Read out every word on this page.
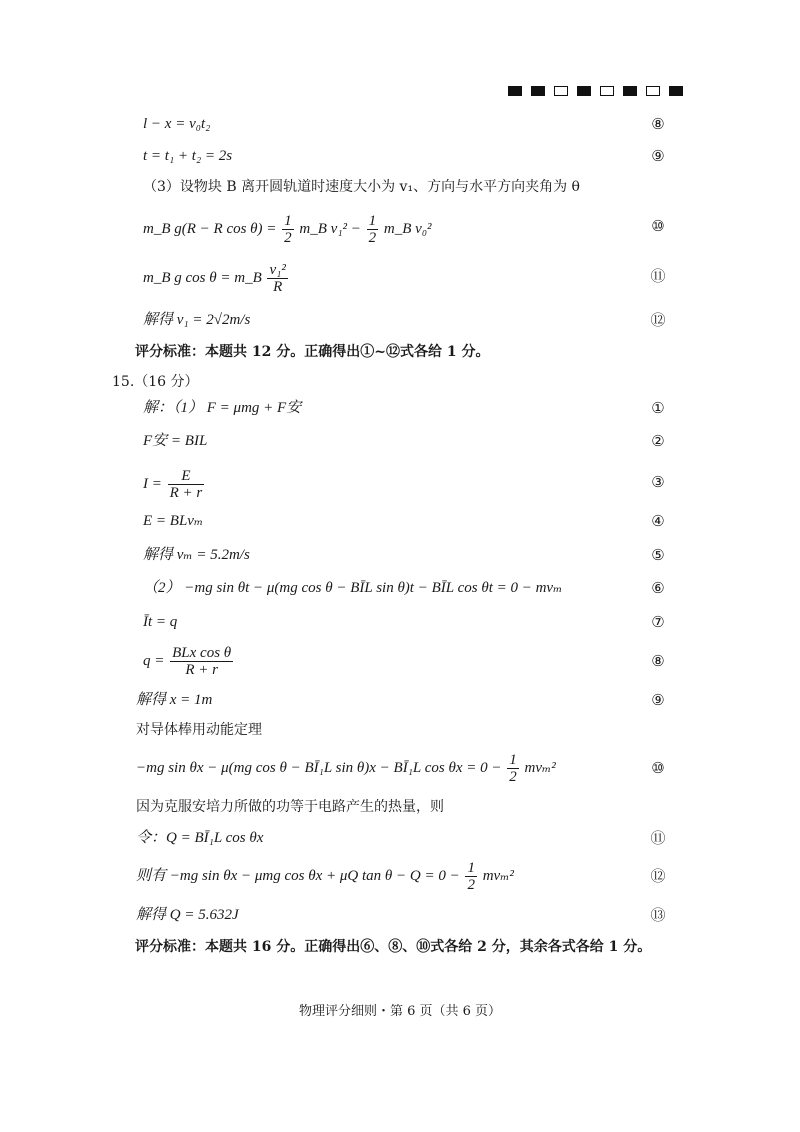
l − x = v₀t₂	⑧
t = t₁ + t₂ = 2s	⑨
（3）设物块 B 离开圆轨道时速度大小为 v₁、方向与水平方向夹角为 θ
m_B g(R − R $\cos \theta) = \frac{1}{2}$ m_B $v_1^2 - \frac{1}{2}$ m_B v₀²	⑩
m_B g cos θ = m_B $\frac{\text{v₁²}}{R}$	⑪
解得 v₁ = 2√2m/s	⑫
评分标准：本题共 12 分。正确得出①~⑫式各给 1 分。
15.（16 分）
解：（1） F = μmg + F安	①
F安 = BIL	②
$I = \frac{E}{R + r}$	③
E = BLvₘ	④
解得 vₘ = 5.2m/s	⑤
（2） −mg sin θt − μ(mg cos θ − BĪL sin θ)t − BĪL cos θt = 0 − mvₘ	⑥
Īt = q	⑦
$q = \frac{\text{BLx cos θ}}{R + r}$	⑧
解得 x = 1m	⑨
对导体棒用动能定理
−mg sin θx − μ(mg cos θ − BĪ₁L sin θ)x − BĪ₁L $\cos \theta x = 0 - \frac{1}{2} mv_m^2$	⑩
因为克服安培力所做的功等于电路产生的热量，则
令：Q = BĪ₁L cos θx	⑪
则有 −mg sin θx − μmg cos θx + μQ $\tan \theta - Q = 0 - \frac{1}{2} mv_m^2$	⑫
解得 Q = 5.632J	⑬
评分标准：本题共 16 分。正确得出⑥、⑧、⑩式各给 2 分，其余各式各给 1 分。
物理评分细则・第 6 页（共 6 页）
